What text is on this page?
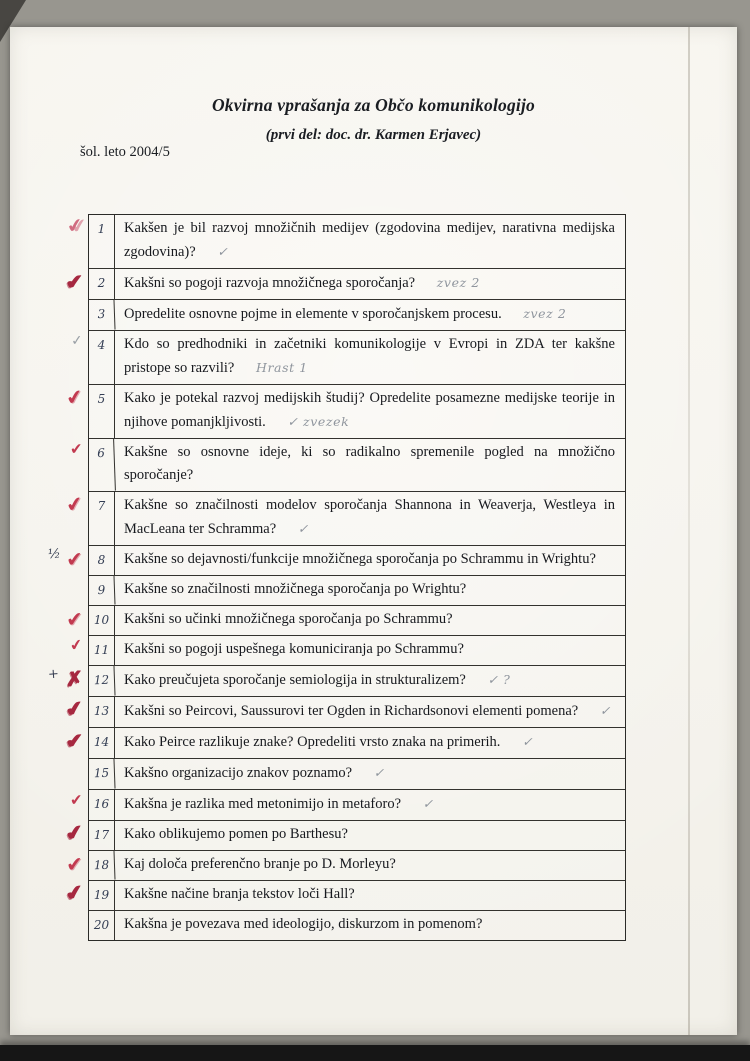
Okvirna vprašanja za Občo komunikologijo
(prvi del: doc. dr. Karmen Erjavec)
šol. leto 2004/5
✔	1	Kakšen je bil razvoj množičnih medijev (zgodovina medijev, narativna medijska zgodovina)? ✓
✔	2	Kakšni so pogoji razvoja množičnega sporočanja? zvez 2
3	Opredelite osnovne pojme in elemente v sporočanjskem procesu. zvez 2
✓	4	Kdo so predhodniki in začetniki komunikologije v Evropi in ZDA ter kakšne pristope so razvili? Hrast 1
✔	5	Kako je potekal razvoj medijskih študij? Opredelite posamezne medijske teorije in njihove pomanjkljivosti. ✓ zvezek
✔	6	Kakšne so osnovne ideje, ki so radikalno spremenile pogled na množično sporočanje?
✔	7	Kakšne so značilnosti modelov sporočanja Shannona in Weaverja, Westleya in MacLeana ter Schramma? ✓
½ ✔	8	Kakšne so dejavnosti/funkcije množičnega sporočanja po Schrammu in Wrightu?
9	Kakšne so značilnosti množičnega sporočanja po Wrightu?
✔ 10	Kakšni so učinki množičnega sporočanja po Schrammu?
✔ 11	Kakšni so pogoji uspešnega komuniciranja po Schrammu?
+ ✗ 12	Kako preučujeta sporočanje semiologija in strukturalizem? ✓ ?
✔ 13	Kakšni so Peircovi, Saussurovi ter Ogden in Richardsonovi elementi pomena? ✓
✔ 14	Kako Peirce razlikuje znake? Opredeliti vrsto znaka na primerih. ✓
15	Kakšno organizacijo znakov poznamo? ✓
✔ 16	Kakšna je razlika med metonimijo in metaforo? ✓
✔ 17	Kako oblikujemo pomen po Barthesu?
✔ 18	Kaj določa preferenčno branje po D. Morleyu?
✔ 19	Kakšne načine branja tekstov loči Hall?
20	Kakšna je povezava med ideologijo, diskurzom in pomenom?
